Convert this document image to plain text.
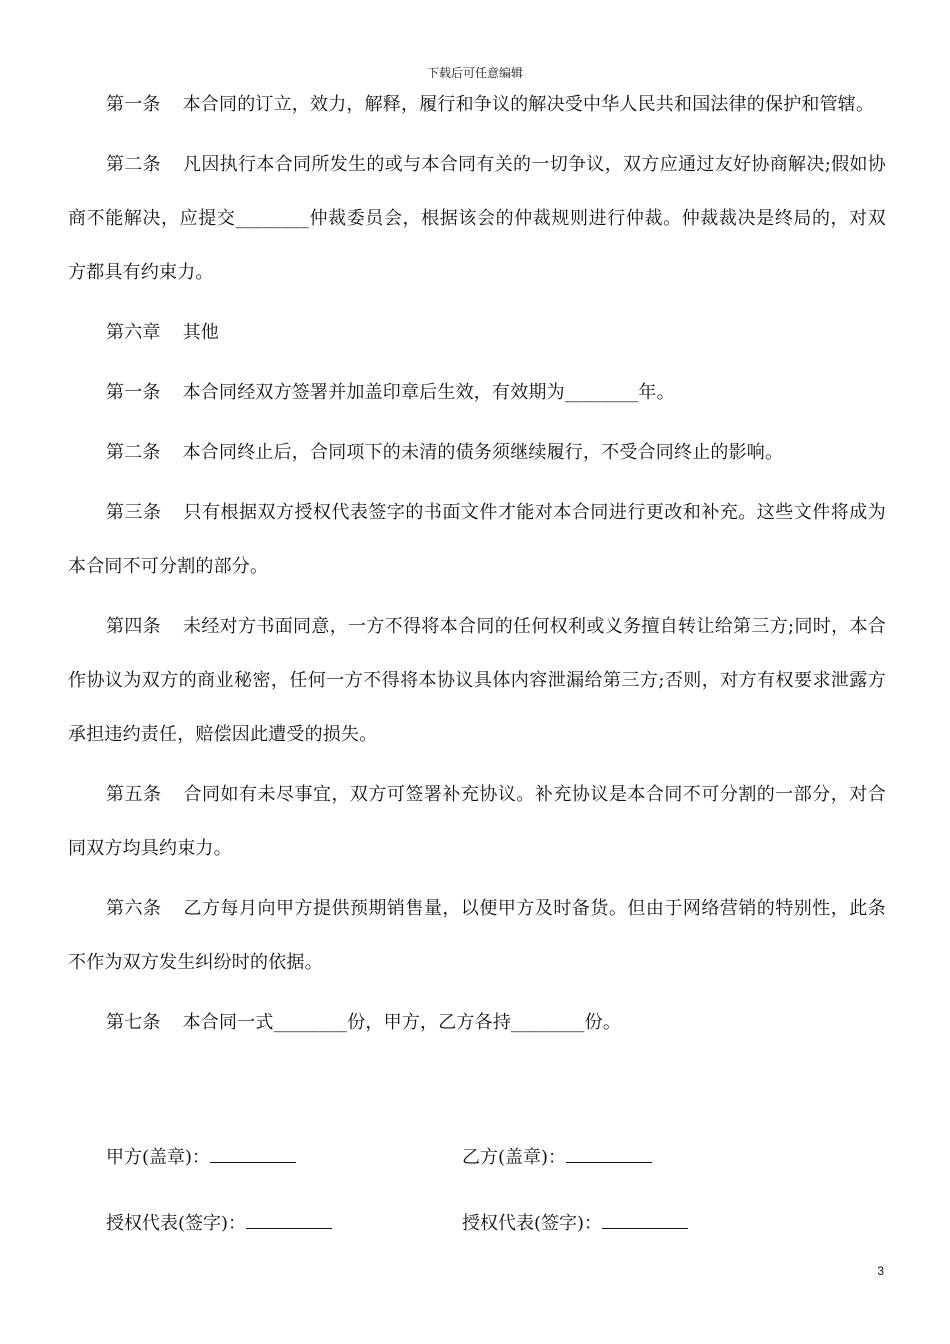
下载后可任意编辑

第一条 本合同的订立，效力，解释，履行和争议的解决受中华人民共和国法律的保护和管辖。

第二条 凡因执行本合同所发生的或与本合同有关的一切争议，双方应通过友好协商解决;假如协商不能解决，应提交________仲裁委员会，根据该会的仲裁规则进行仲裁。仲裁裁决是终局的，对双方都具有约束力。

第六章 其他

第一条 本合同经双方签署并加盖印章后生效，有效期为________年。

第二条 本合同终止后，合同项下的未清的债务须继续履行，不受合同终止的影响。

第三条 只有根据双方授权代表签字的书面文件才能对本合同进行更改和补充。这些文件将成为本合同不可分割的部分。

第四条 未经对方书面同意，一方不得将本合同的任何权利或义务擅自转让给第三方;同时，本合作协议为双方的商业秘密，任何一方不得将本协议具体内容泄漏给第三方;否则，对方有权要求泄露方承担违约责任，赔偿因此遭受的损失。

第五条 合同如有未尽事宜，双方可签署补充协议。补充协议是本合同不可分割的一部分，对合同双方均具约束力。

第六条 乙方每月向甲方提供预期销售量，以便甲方及时备货。但由于网络营销的特别性，此条不作为双方发生纠纷时的依据。

第七条 本合同一式________份，甲方，乙方各持________份。

甲方(盖章)：	乙方(盖章)：
授权代表(签字)：	授权代表(签字)：
3
